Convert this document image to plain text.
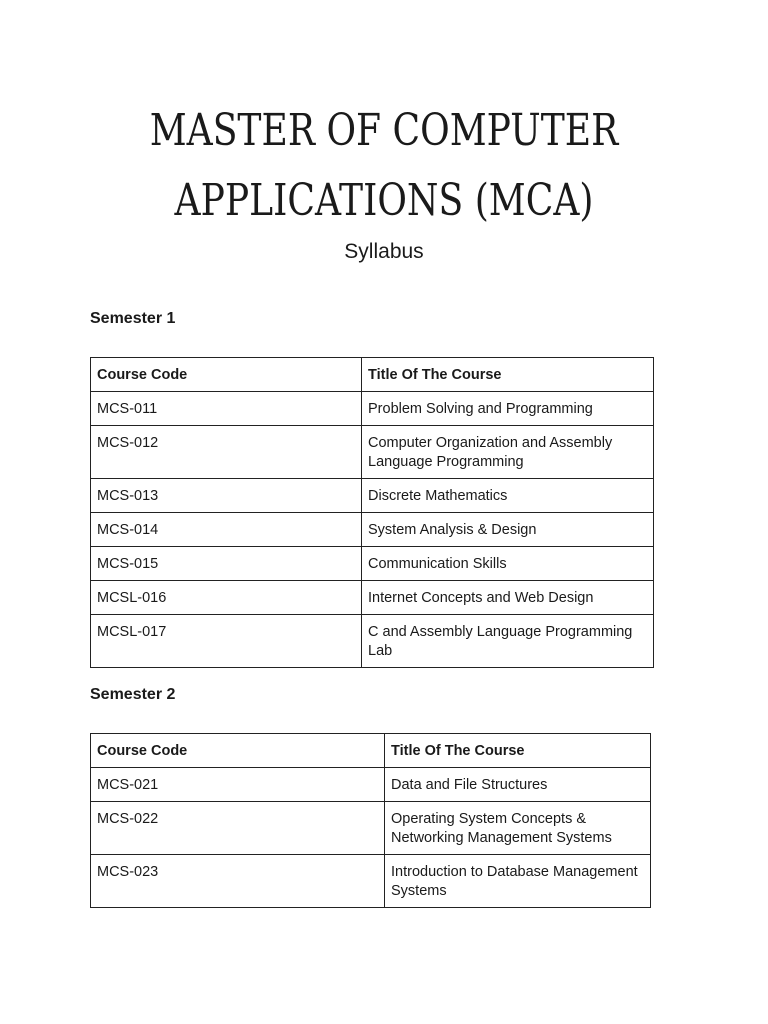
MASTER OF COMPUTER
APPLICATIONS (MCA)

Syllabus

Semester 1
Course Code	Title Of The Course
MCS-011	Problem Solving and Programming
MCS-012	Computer Organization and Assembly Language Programming
MCS-013	Discrete Mathematics
MCS-014	System Analysis & Design
MCS-015	Communication Skills
MCSL-016	Internet Concepts and Web Design
MCSL-017	C and Assembly Language Programming Lab
Semester 2
Course Code	Title Of The Course
MCS-021	Data and File Structures
MCS-022	Operating System Concepts & Networking Management Systems
MCS-023	Introduction to Database Management Systems
